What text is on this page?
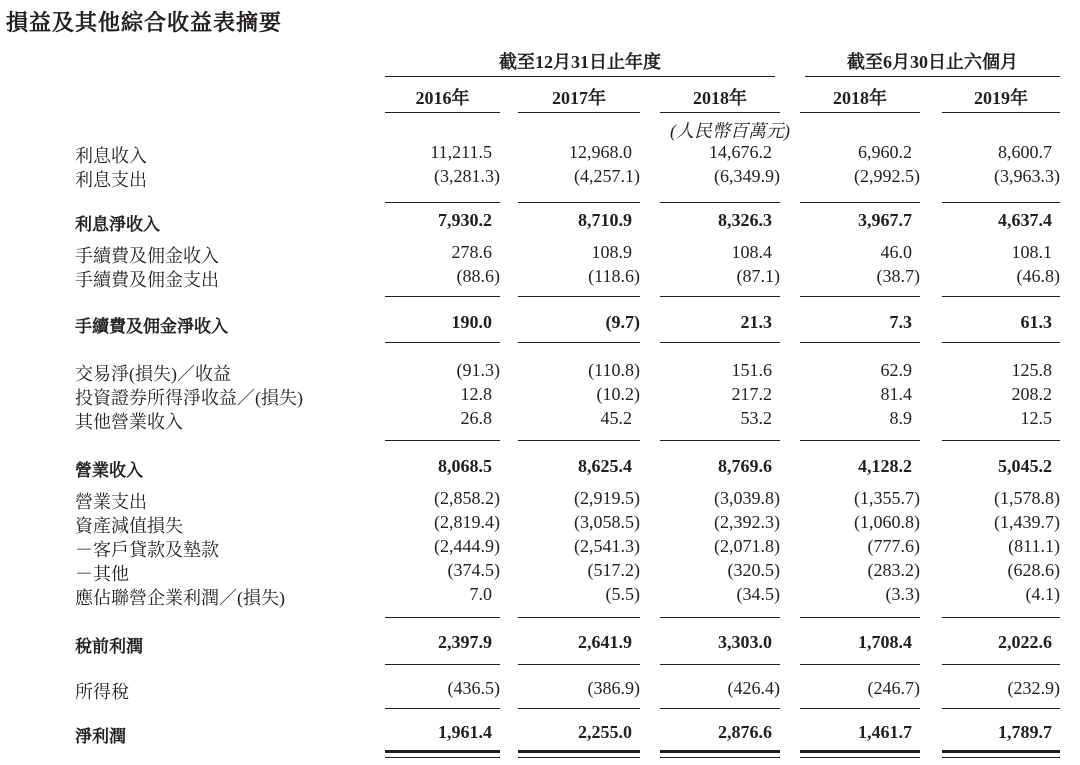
損益及其他綜合收益表摘要
截至12月31日止年度	截至6月30日止六個月
2016年	2017年	2018年	2018年	2019年
(人民幣百萬元)
利息收入	11,211.5	12,968.0	14,676.2	6,960.2	8,600.7
利息支出	(3,281.3)	(4,257.1)	(6,349.9)	(2,992.5)	(3,963.3)
利息淨收入	7,930.2	8,710.9	8,326.3	3,967.7	4,637.4
手續費及佣金收入	278.6	108.9	108.4	46.0	108.1
手續費及佣金支出	(88.6)	(118.6)	(87.1)	(38.7)	(46.8)
手續費及佣金淨收入	190.0	(9.7)	21.3	7.3	61.3
交易淨(損失)／收益	(91.3)	(110.8)	151.6	62.9	125.8
投資證券所得淨收益／(損失)	12.8	(10.2)	217.2	81.4	208.2
其他營業收入	26.8	45.2	53.2	8.9	12.5
營業收入	8,068.5	8,625.4	8,769.6	4,128.2	5,045.2
營業支出	(2,858.2)	(2,919.5)	(3,039.8)	(1,355.7)	(1,578.8)
資產減值損失	(2,819.4)	(3,058.5)	(2,392.3)	(1,060.8)	(1,439.7)
－客戶貸款及墊款	(2,444.9)	(2,541.3)	(2,071.8)	(777.6)	(811.1)
－其他	(374.5)	(517.2)	(320.5)	(283.2)	(628.6)
應佔聯營企業利潤／(損失)	7.0	(5.5)	(34.5)	(3.3)	(4.1)
稅前利潤	2,397.9	2,641.9	3,303.0	1,708.4	2,022.6
所得稅	(436.5)	(386.9)	(426.4)	(246.7)	(232.9)
淨利潤	1,961.4	2,255.0	2,876.6	1,461.7	1,789.7
